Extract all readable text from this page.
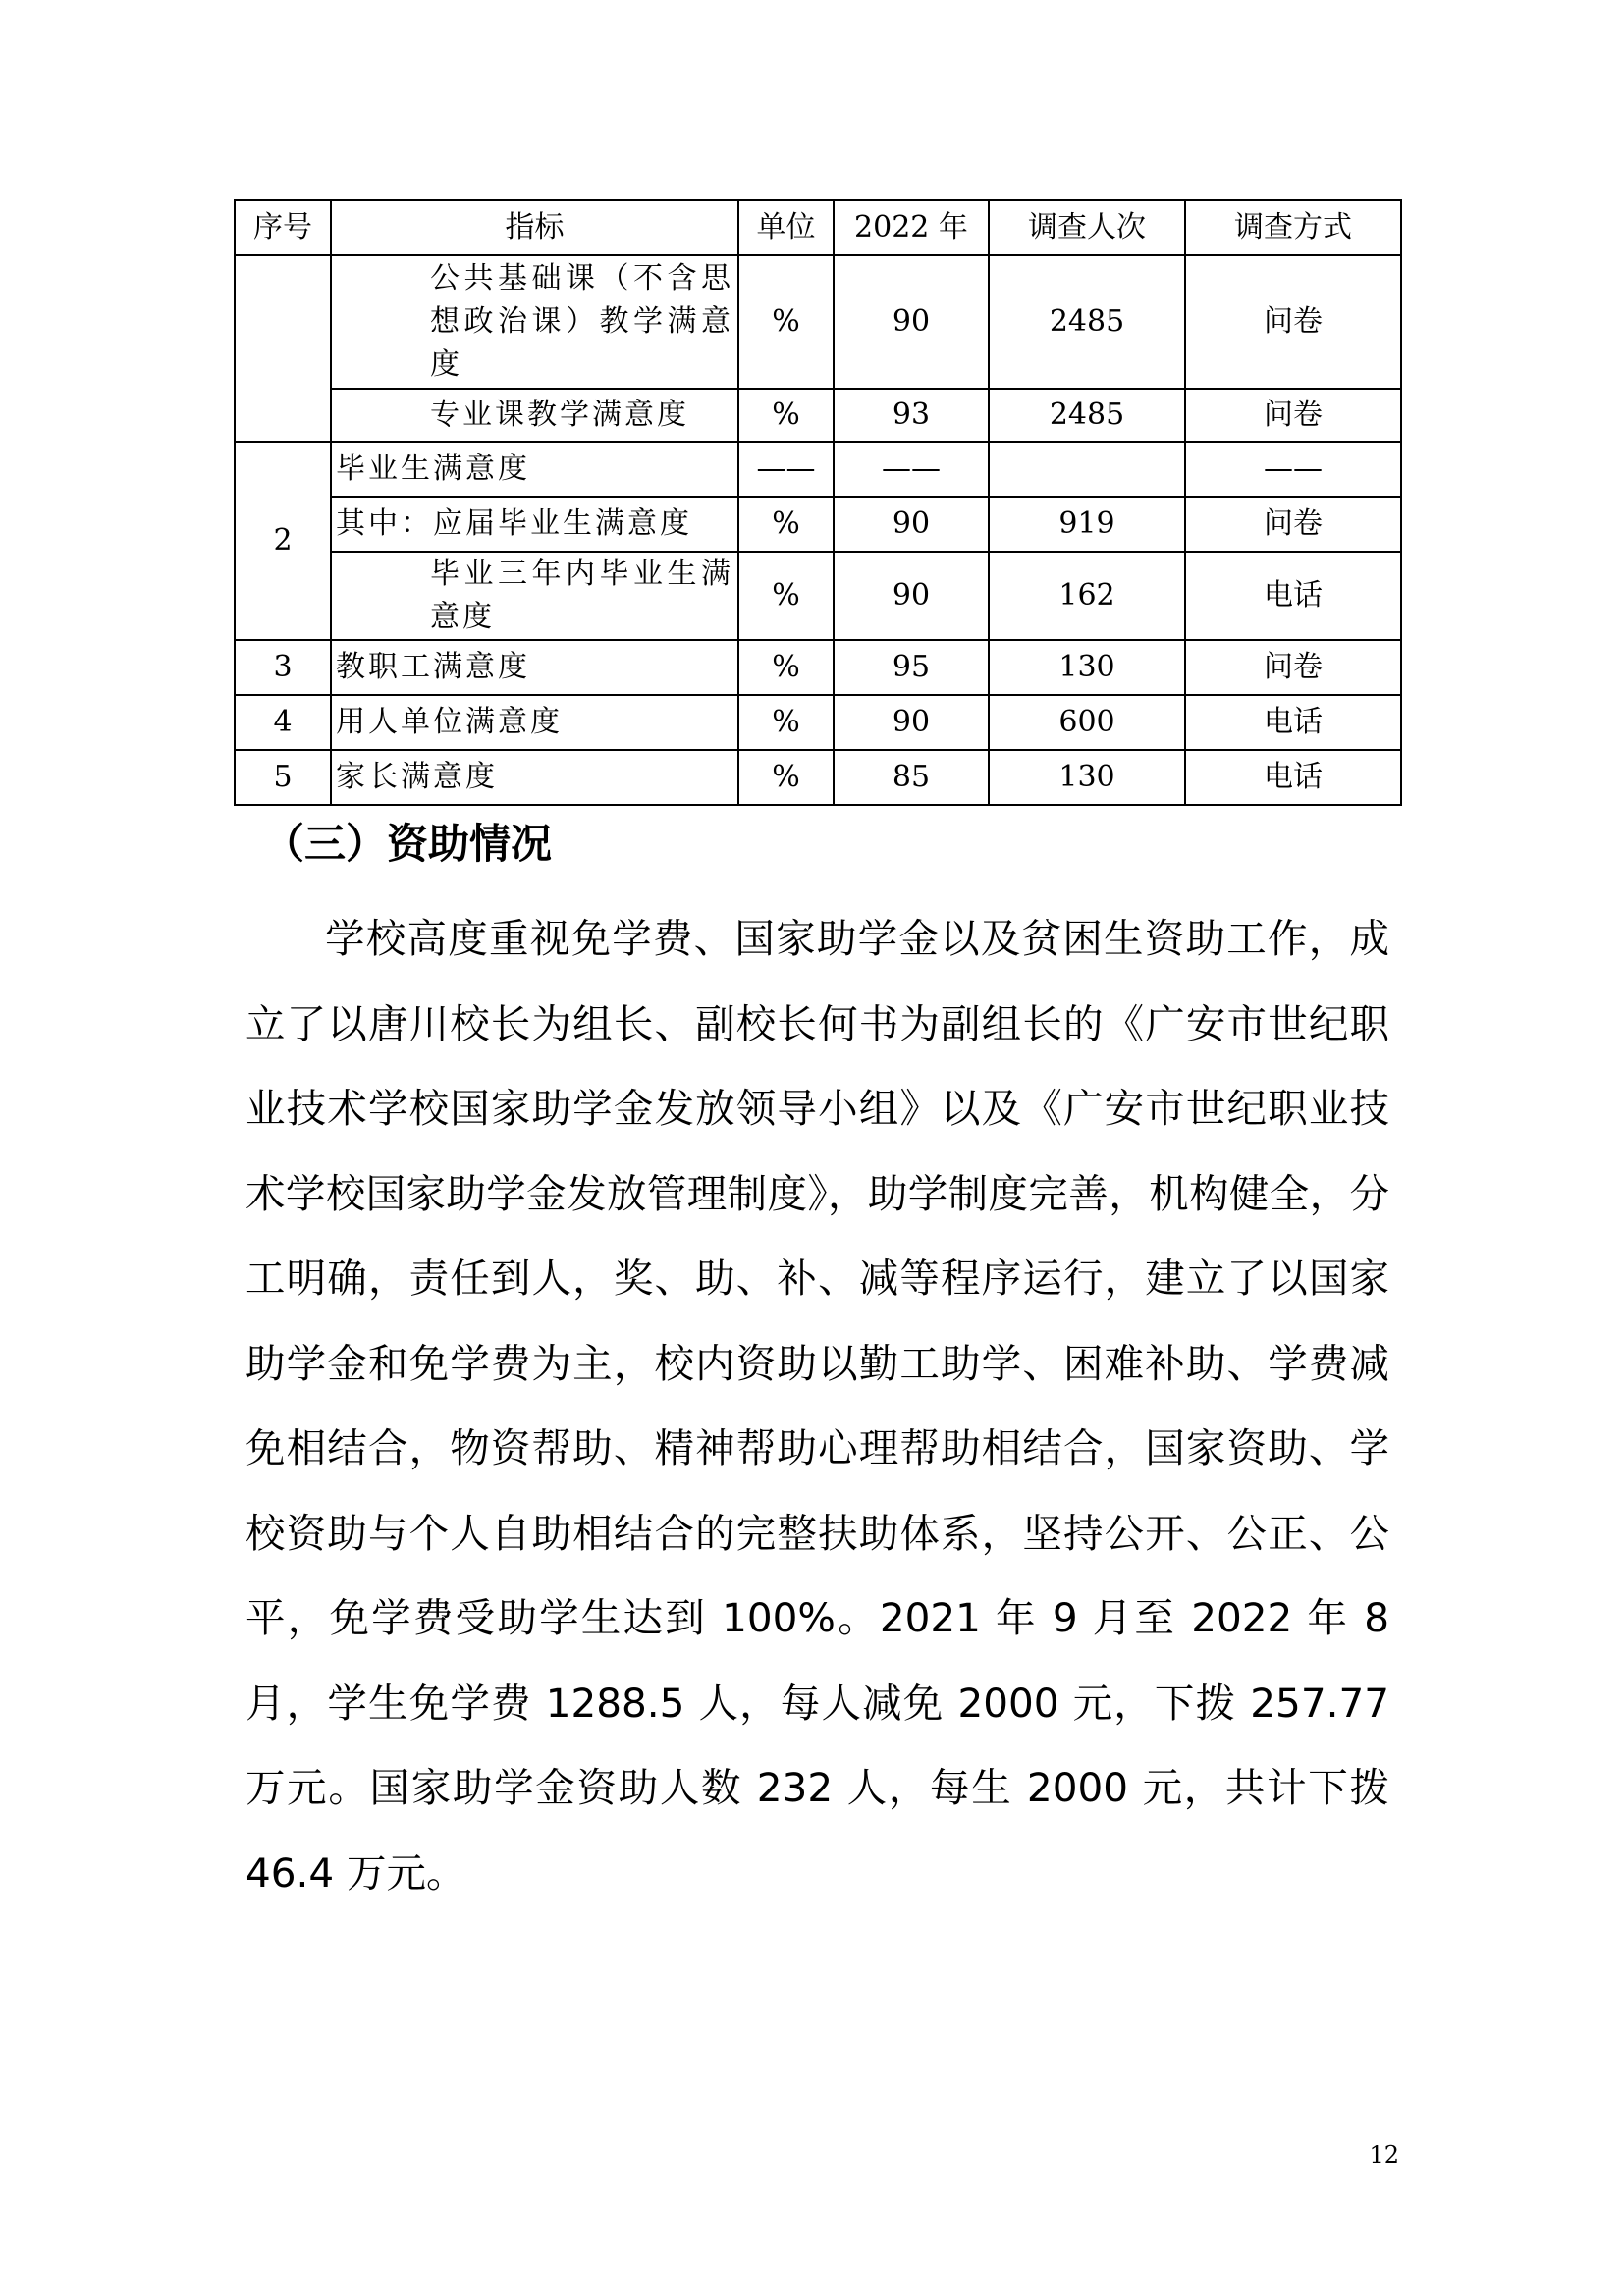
序号	指标	单位	2022 年	调查人次	调查方式
	公共基础课（不含思想政治课）教学满意度	%	90	2485	问卷
	专业课教学满意度	%	93	2485	问卷
2	毕业生满意度	——	——		——
	其中：应届毕业生满意度	%	90	919	问卷
	毕业三年内毕业生满意度	%	90	162	电话
3	教职工满意度	%	95	130	问卷
4	用人单位满意度	%	90	600	电话
5	家长满意度	%	85	130	电话
（三）资助情况

学校高度重视免学费、国家助学金以及贫困生资助工作，成立了以唐川校长为组长、副校长何书为副组长的《广安市世纪职业技术学校国家助学金发放领导小组》以及《广安市世纪职业技术学校国家助学金发放管理制度》，助学制度完善，机构健全，分工明确，责任到人，奖、助、补、减等程序运行，建立了以国家助学金和免学费为主，校内资助以勤工助学、困难补助、学费减免相结合，物资帮助、精神帮助心理帮助相结合，国家资助、学校资助与个人自助相结合的完整扶助体系，坚持公开、公正、公平，免学费受助学生达到 100%。2021 年 9 月至 2022 年 8 月，学生免学费 1288.5 人，每人减免 2000 元，下拨 257.77 万元。国家助学金资助人数 232 人，每生 2000 元，共计下拨 46.4 万元。

12
